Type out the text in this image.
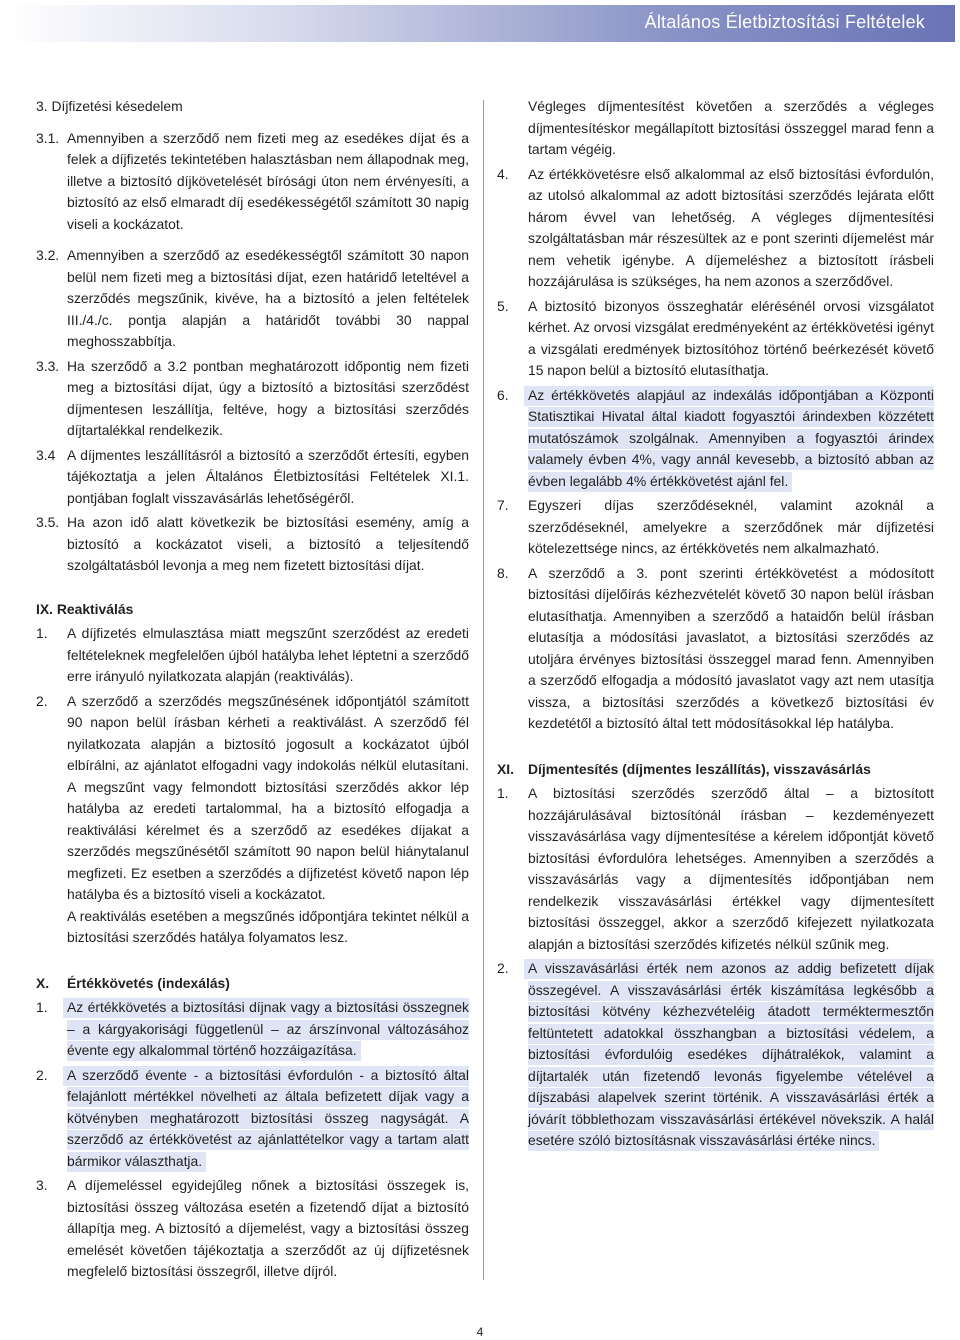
Általános Életbiztosítási Feltételek
3. Díjfizetési késedelem
3.1. Amennyiben a szerződő nem fizeti meg az esedékes díjat és a felek a díjfizetés tekintetében halasztásban nem állapodnak meg, illetve a biztosító díjkövetelését bírósági úton nem érvényesíti, a biztosító az első elmaradt díj esedékességétől számított 30 napig viseli a kockázatot.
3.2. Amennyiben a szerződő az esedékességtől számított 30 napon belül nem fizeti meg a biztosítási díjat, ezen határidő leteltével a szerződés megszűnik, kivéve, ha a biztosító a jelen feltételek III./4./c. pontja alapján a határidőt további 30 nappal meghosszabbítja.
3.3. Ha szerződő a 3.2 pontban meghatározott időpontig nem fizeti meg a biztosítási díjat, úgy a biztosító a biztosítási szerződést díjmentesen leszállítja, feltéve, hogy a biztosítási szerződés díjtartalékkal rendelkezik.
3.4 A díjmentes leszállításról a biztosító a szerződőt értesíti, egyben tájékoztatja a jelen Általános Életbiztosítási Feltételek XI.1. pontjában foglalt visszavásárlás lehetőségéről.
3.5. Ha azon idő alatt következik be biztosítási esemény, amíg a biztosító a kockázatot viseli, a biztosító a teljesítendő szolgáltatásból levonja a meg nem fizetett biztosítási díjat.
IX. Reaktiválás
1. A díjfizetés elmulasztása miatt megszűnt szerződést az eredeti feltételeknek megfelelően újból hatályba lehet léptetni a szerződő erre irányuló nyilatkozata alapján (reaktiválás).
2. A szerződő a szerződés megszűnésének időpontjától számított 90 napon belül írásban kérheti a reaktiválást. A szerződő fél nyilatkozata alapján a biztosító jogosult a kockázatot újból elbírálni, az ajánlatot elfogadni vagy indokolás nélkül elutasítani. A megszűnt vagy felmondott biztosítási szerződés akkor lép hatályba az eredeti tartalommal, ha a biztosító elfogadja a reaktiválási kérelmet és a szerződő az esedékes díjakat a szerződés megszűnésétől számított 90 napon belül hiánytalanul megfizeti. Ez esetben a szerződés a díjfizetést követő napon lép hatályba és a biztosító viseli a kockázatot.
A reaktiválás esetében a megszűnés időpontjára tekintet nélkül a biztosítási szerződés hatálya folyamatos lesz.
X. Értékkövetés (indexálás)
1. Az értékkövetés a biztosítási díjnak vagy a biztosítási összegnek – a kárgyakorisági függetlenül – az árszínvonal változásához évente egy alkalommal történő hozzáigazítása.
2. A szerződő évente - a biztosítási évfordulón - a biztosító által felajánlott mértékkel növelheti az általa befizetett díjak vagy a kötvényben meghatározott biztosítási összeg nagyságát. A szerződő az értékkövetést az ajánlattételkor vagy a tartam alatt bármikor választhatja.
3. A díjemeléssel egyidejűleg nőnek a biztosítási összegek is, biztosítási összeg változása esetén a fizetendő díjat a biztosító állapítja meg. A biztosító a díjemelést, vagy a biztosítási összeg emelését követően tájékoztatja a szerződőt az új díjfizetésnek megfelelő biztosítási összegről, illetve díjról.
Végleges díjmentesítést követően a szerződés a végleges díjmentesítéskor megállapított biztosítási összeggel marad fenn a tartam végéig.
4. Az értékkövetésre első alkalommal az első biztosítási évfordulón, az utolsó alkalommal az adott biztosítási szerződés lejárata előtt három évvel van lehetőség. A végleges díjmentesítési szolgáltatásban már részesültek az e pont szerinti díjemelést már nem vehetik igénybe. A díjemeléshez a biztosított írásbeli hozzájárulása is szükséges, ha nem azonos a szerződővel.
5. A biztosító bizonyos összeghatár elérésénél orvosi vizsgálatot kérhet. Az orvosi vizsgálat eredményeként az értékkövetési igényt a vizsgálati eredmények biztosítóhoz történő beérkezését követő 15 napon belül a biztosító elutasíthatja.
6. Az értékkövetés alapjául az indexálás időpontjában a Központi Statisztikai Hivatal által kiadott fogyasztói árindexben közzétett mutatószámok szolgálnak. Amennyiben a fogyasztói árindex valamely évben 4%, vagy annál kevesebb, a biztosító abban az évben legalább 4% értékkövetést ajánl fel.
7. Egyszeri díjas szerződéseknél, valamint azoknál a szerződéseknél, amelyekre a szerződőnek már díjfizetési kötelezettsége nincs, az értékkövetés nem alkalmazható.
8. A szerződő a 3. pont szerinti értékkövetést a módosított biztosítási díjelőírás kézhezvételét követő 30 napon belül írásban elutasíthatja. Amennyiben a szerződő a hataidőn belül írásban elutasítja a módosítási javaslatot, a biztosítási szerződés az utoljára érvényes biztosítási összeggel marad fenn. Amennyiben a szerződő elfogadja a módosító javaslatot vagy azt nem utasítja vissza, a biztosítási szerződés a következő biztosítási év kezdetétől a biztosító által tett módosításokkal lép hatályba.
XI. Díjmentesítés (díjmentes leszállítás), visszavásárlás
1. A biztosítási szerződés szerződő által – a biztosított hozzájárulásával biztosítónál írásban – kezdeményezett visszavásárlása vagy díjmentesítése a kérelem időpontját követő biztosítási évfordulóra lehetséges. Amennyiben a szerződés a visszavásárlás vagy a díjmentesítés időpontjában nem rendelkezik visszavásárlási értékkel vagy díjmentesített biztosítási összeggel, akkor a szerződő kifejezett nyilatkozata alapján a biztosítási szerződés kifizetés nélkül szűnik meg.
2. A visszavásárlási érték nem azonos az addig befizetett díjak összegével. A visszavásárlási érték kiszámítása legkésőbb a biztosítási kötvény kézhezvételéig átadott terméktermesztőn feltüntetett adatokkal összhangban a biztosítási védelem, a biztosítási évfordulóig esedékes díjhátralékok, valamint a díjtartalék után fizetendő levonás figyelembe vételével a díjszabási alapelvek szerint történik. A visszavásárlási érték a jóvárít többlethozam visszavásárlási értékével növekszik. A halál esetére szóló biztosításnak visszavásárlási értéke nincs.
4
